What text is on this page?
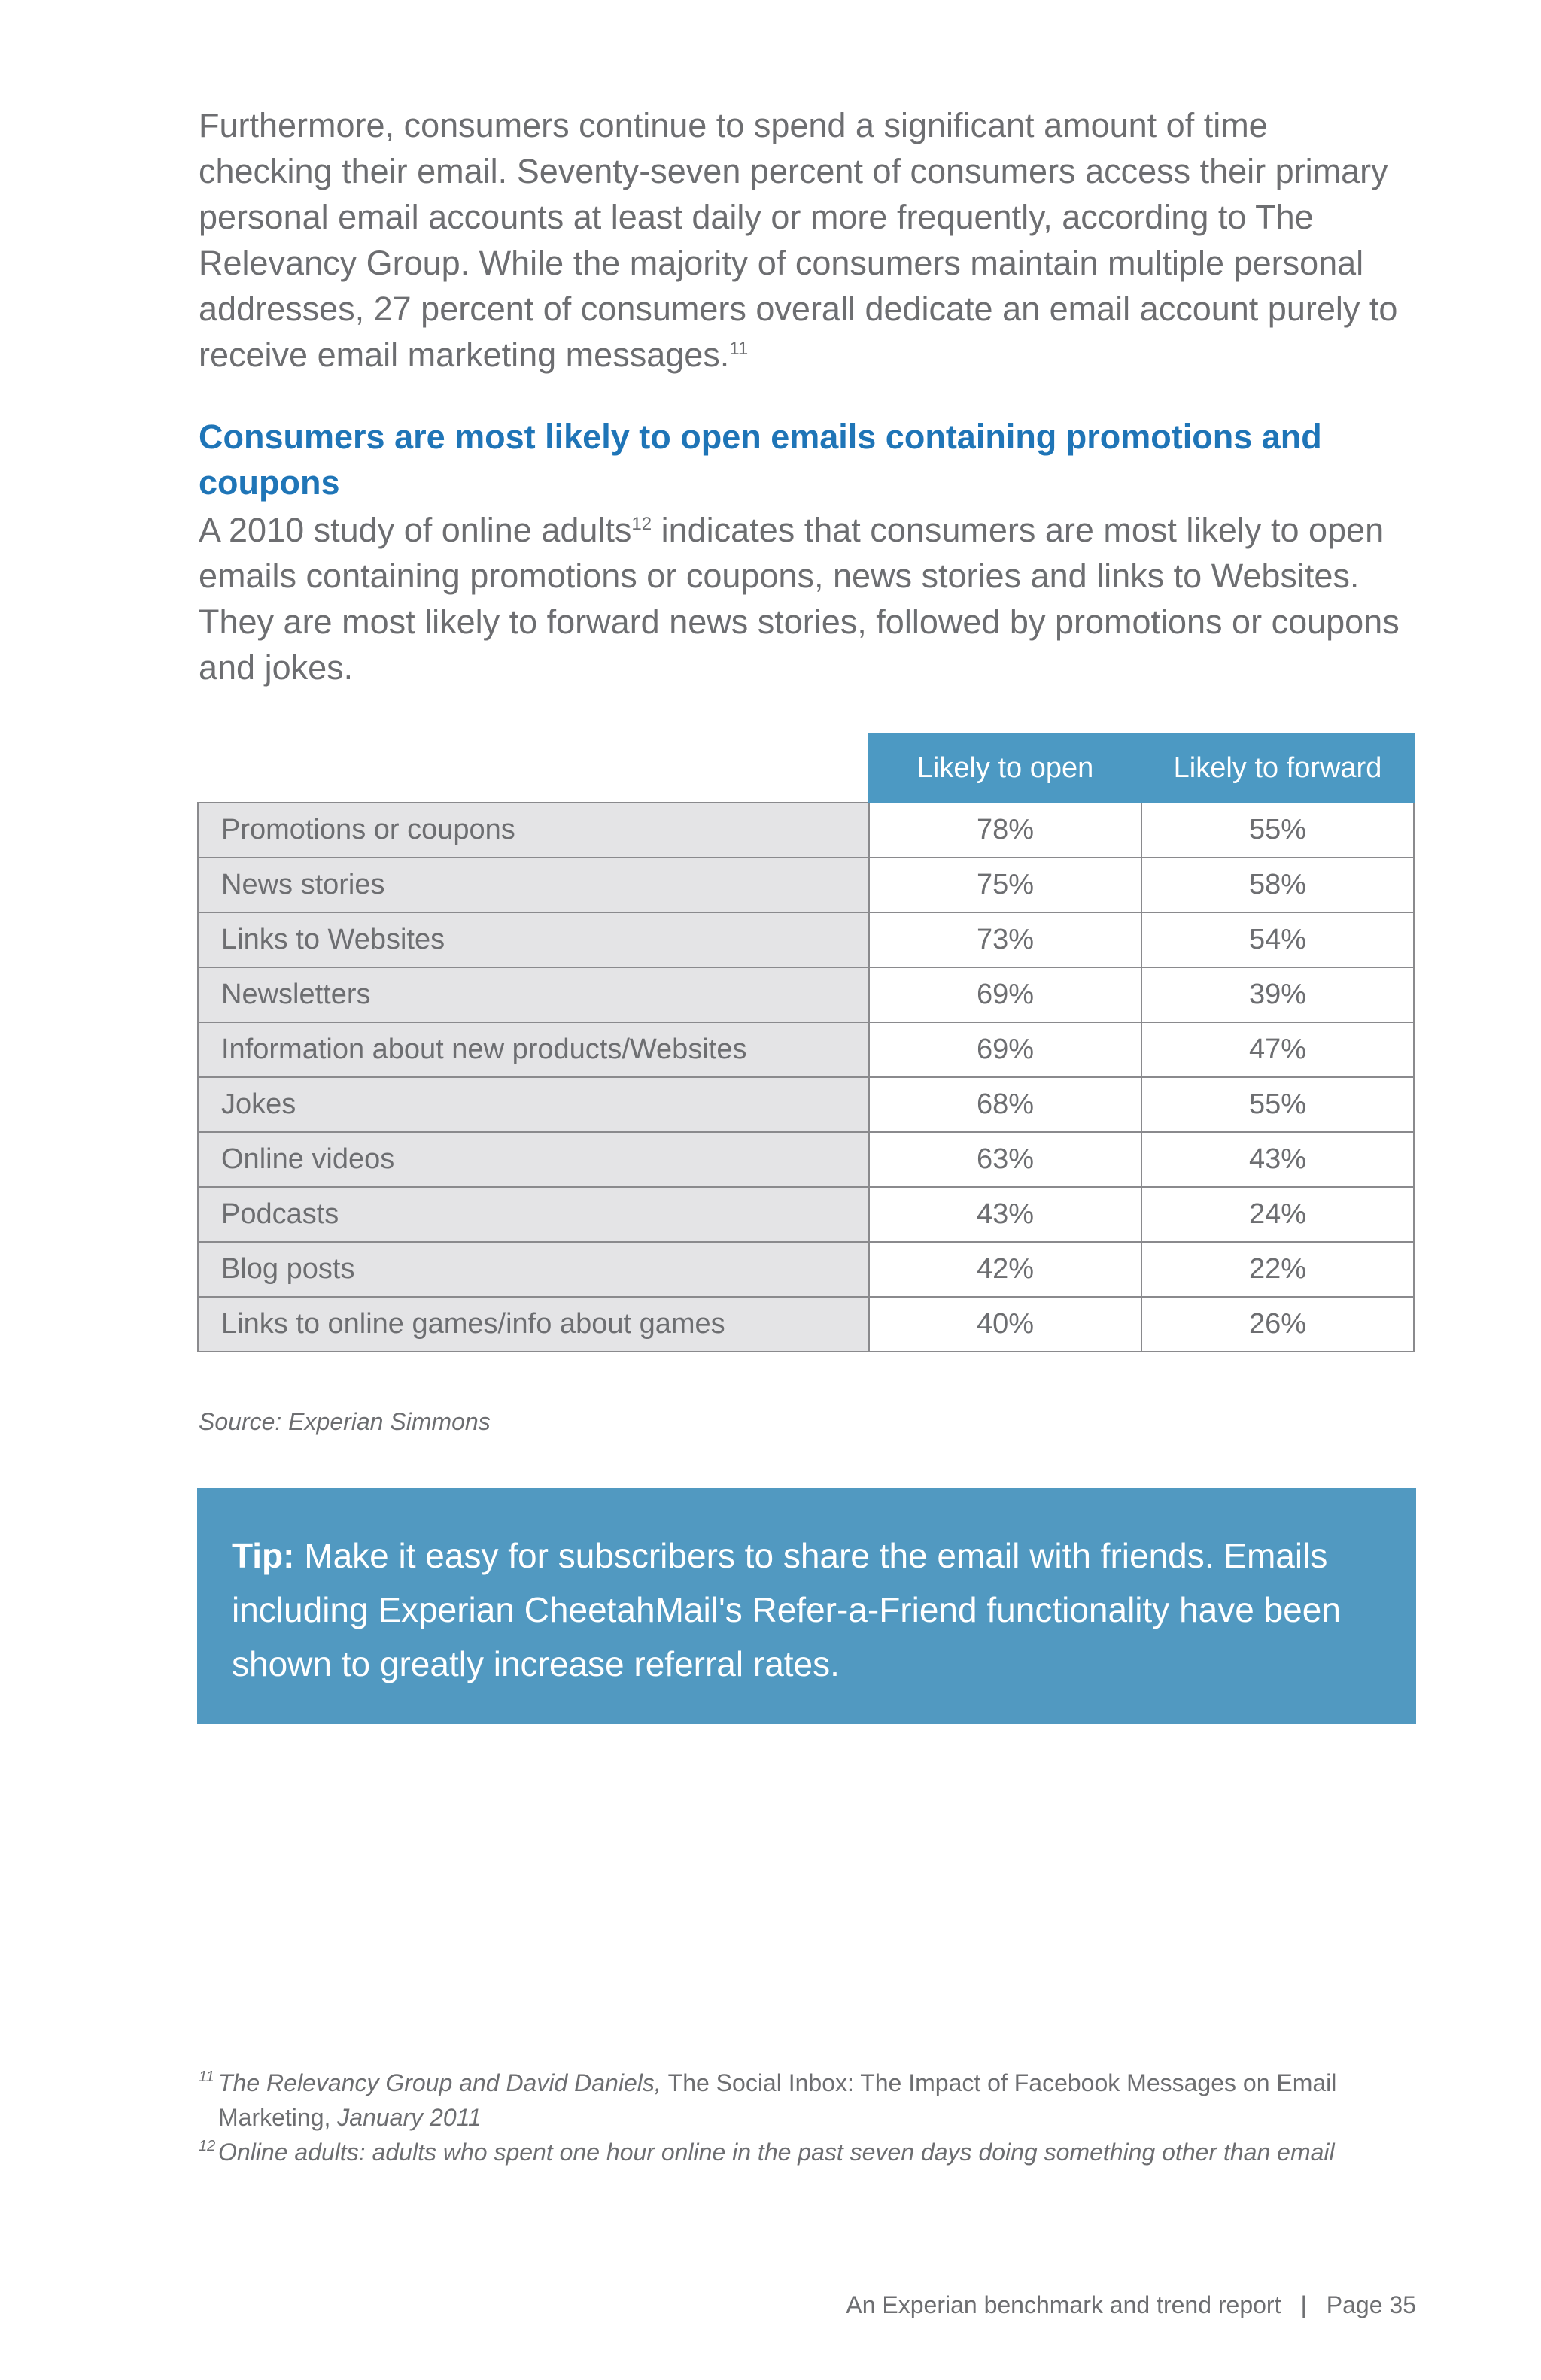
Furthermore, consumers continue to spend a significant amount of time checking their email. Seventy-seven percent of consumers access their primary personal email accounts at least daily or more frequently, according to The Relevancy Group. While the majority of consumers maintain multiple personal addresses, 27 percent of consumers overall dedicate an email account purely to receive email marketing messages.$^{11}$

Consumers are most likely to open emails containing promotions and coupons

A 2010 study of online adults$^{12}$ indicates that consumers are most likely to open emails containing promotions or coupons, news stories and links to Websites. They are most likely to forward news stories, followed by promotions or coupons and jokes.

	Likely to open	Likely to forward
Promotions or coupons	78%	55%
News stories	75%	58%
Links to Websites	73%	54%
Newsletters	69%	39%
Information about new products/Websites	69%	47%
Jokes	68%	55%
Online videos	63%	43%
Podcasts	43%	24%
Blog posts	42%	22%
Links to online games/info about games	40%	26%
Source: Experian Simmons
Tip: Make it easy for subscribers to share the email with friends. Emails including Experian CheetahMail's Refer-a-Friend functionality have been shown to greatly increase referral rates.
11 The Relevancy Group and David Daniels, The Social Inbox: The Impact of Facebook Messages on Email Marketing, January 2011
12 Online adults: adults who spent one hour online in the past seven days doing something other than email
An Experian benchmark and trend report | Page 35
